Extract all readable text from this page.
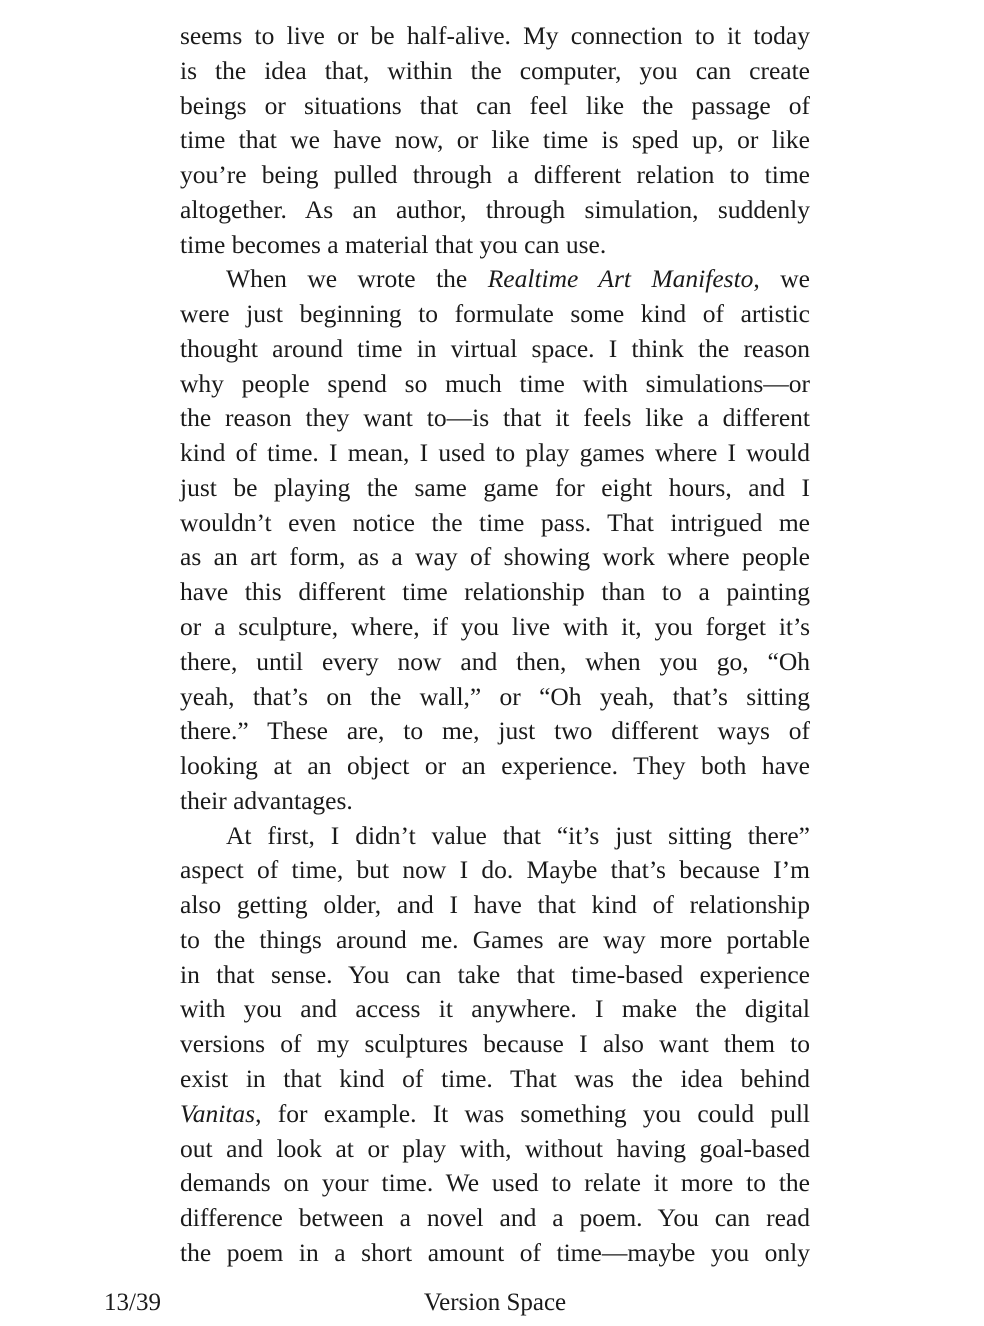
seems to live or be half-alive. My connection to it today
is the idea that, within the computer, you can create
beings or situations that can feel like the passage of
time that we have now, or like time is sped up, or like
you’re being pulled through a different relation to time
altogether. As an author, through simulation, suddenly
time becomes a material that you can use.
When we wrote the Realtime Art Manifesto, we
were just beginning to formulate some kind of artistic
thought around time in virtual space. I think the reason
why people spend so much time with simulations—or
the reason they want to—is that it feels like a different
kind of time. I mean, I used to play games where I would
just be playing the same game for eight hours, and I
wouldn’t even notice the time pass. That intrigued me
as an art form, as a way of showing work where people
have this different time relationship than to a painting
or a sculpture, where, if you live with it, you forget it’s
there, until every now and then, when you go, “Oh
yeah, that’s on the wall,” or “Oh yeah, that’s sitting
there.” These are, to me, just two different ways of
looking at an object or an experience. They both have
their advantages.
At first, I didn’t value that “it’s just sitting there”
aspect of time, but now I do. Maybe that’s because I’m
also getting older, and I have that kind of relationship
to the things around me. Games are way more portable
in that sense. You can take that time-based experience
with you and access it anywhere. I make the digital
versions of my sculptures because I also want them to
exist in that kind of time. That was the idea behind
Vanitas, for example. It was something you could pull
out and look at or play with, without having goal-based
demands on your time. We used to relate it more to the
difference between a novel and a poem. You can read
the poem in a short amount of time—maybe you only
13/39	Version Space
